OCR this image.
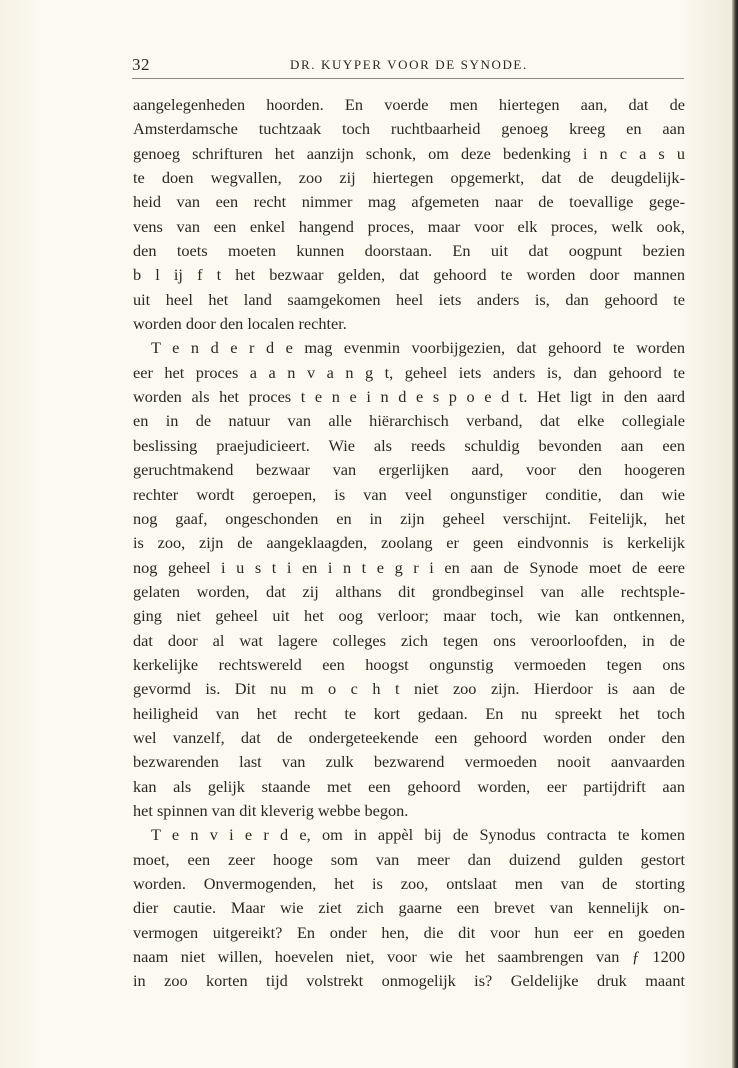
32	DR. KUYPER VOOR DE SYNODE.
aangelegenheden hoorden. En voerde men hiertegen aan, dat de
Amsterdamsche tuchtzaak toch ruchtbaarheid genoeg kreeg en aan
genoeg schrifturen het aanzijn schonk, om deze bedenking i n c a s u
te doen wegvallen, zoo zij hiertegen opgemerkt, dat de deugdelijk-
heid van een recht nimmer mag afgemeten naar de toevallige gege-
vens van een enkel hangend proces, maar voor elk proces, welk ook,
den toets moeten kunnen doorstaan. En uit dat oogpunt bezien
b l ij f t het bezwaar gelden, dat gehoord te worden door mannen
uit heel het land saamgekomen heel iets anders is, dan gehoord te
worden door den localen rechter.
T e n d e r d e mag evenmin voorbijgezien, dat gehoord te worden
eer het proces a a n v a n g t, geheel iets anders is, dan gehoord te
worden als het proces t e n e i n d e s p o e d t. Het ligt in den aard
en in de natuur van alle hiërarchisch verband, dat elke collegiale
beslissing praejudicieert. Wie als reeds schuldig bevonden aan een
geruchtmakend bezwaar van ergerlijken aard, voor den hoogeren
rechter wordt geroepen, is van veel ongunstiger conditie, dan wie
nog gaaf, ongeschonden en in zijn geheel verschijnt. Feitelijk, het
is zoo, zijn de aangeklaagden, zoolang er geen eindvonnis is kerkelijk
nog geheel i u s t i en i n t e g r i en aan de Synode moet de eere
gelaten worden, dat zij althans dit grondbeginsel van alle rechtsple-
ging niet geheel uit het oog verloor; maar toch, wie kan ontkennen,
dat door al wat lagere colleges zich tegen ons veroorloofden, in de
kerkelijke rechtswereld een hoogst ongunstig vermoeden tegen ons
gevormd is. Dit nu m o c h t niet zoo zijn. Hierdoor is aan de
heiligheid van het recht te kort gedaan. En nu spreekt het toch
wel vanzelf, dat de ondergeteekende een gehoord worden onder den
bezwarenden last van zulk bezwarend vermoeden nooit aanvaarden
kan als gelijk staande met een gehoord worden, eer partijdrift aan
het spinnen van dit kleverig webbe begon.
T e n v i e r d e, om in appèl bij de Synodus contracta te komen
moet, een zeer hooge som van meer dan duizend gulden gestort
worden. Onvermogenden, het is zoo, ontslaat men van de storting
dier cautie. Maar wie ziet zich gaarne een brevet van kennelijk on-
vermogen uitgereikt? En onder hen, die dit voor hun eer en goeden
naam niet willen, hoevelen niet, voor wie het saambrengen van ƒ 1200
in zoo korten tijd volstrekt onmogelijk is? Geldelijke druk maant
